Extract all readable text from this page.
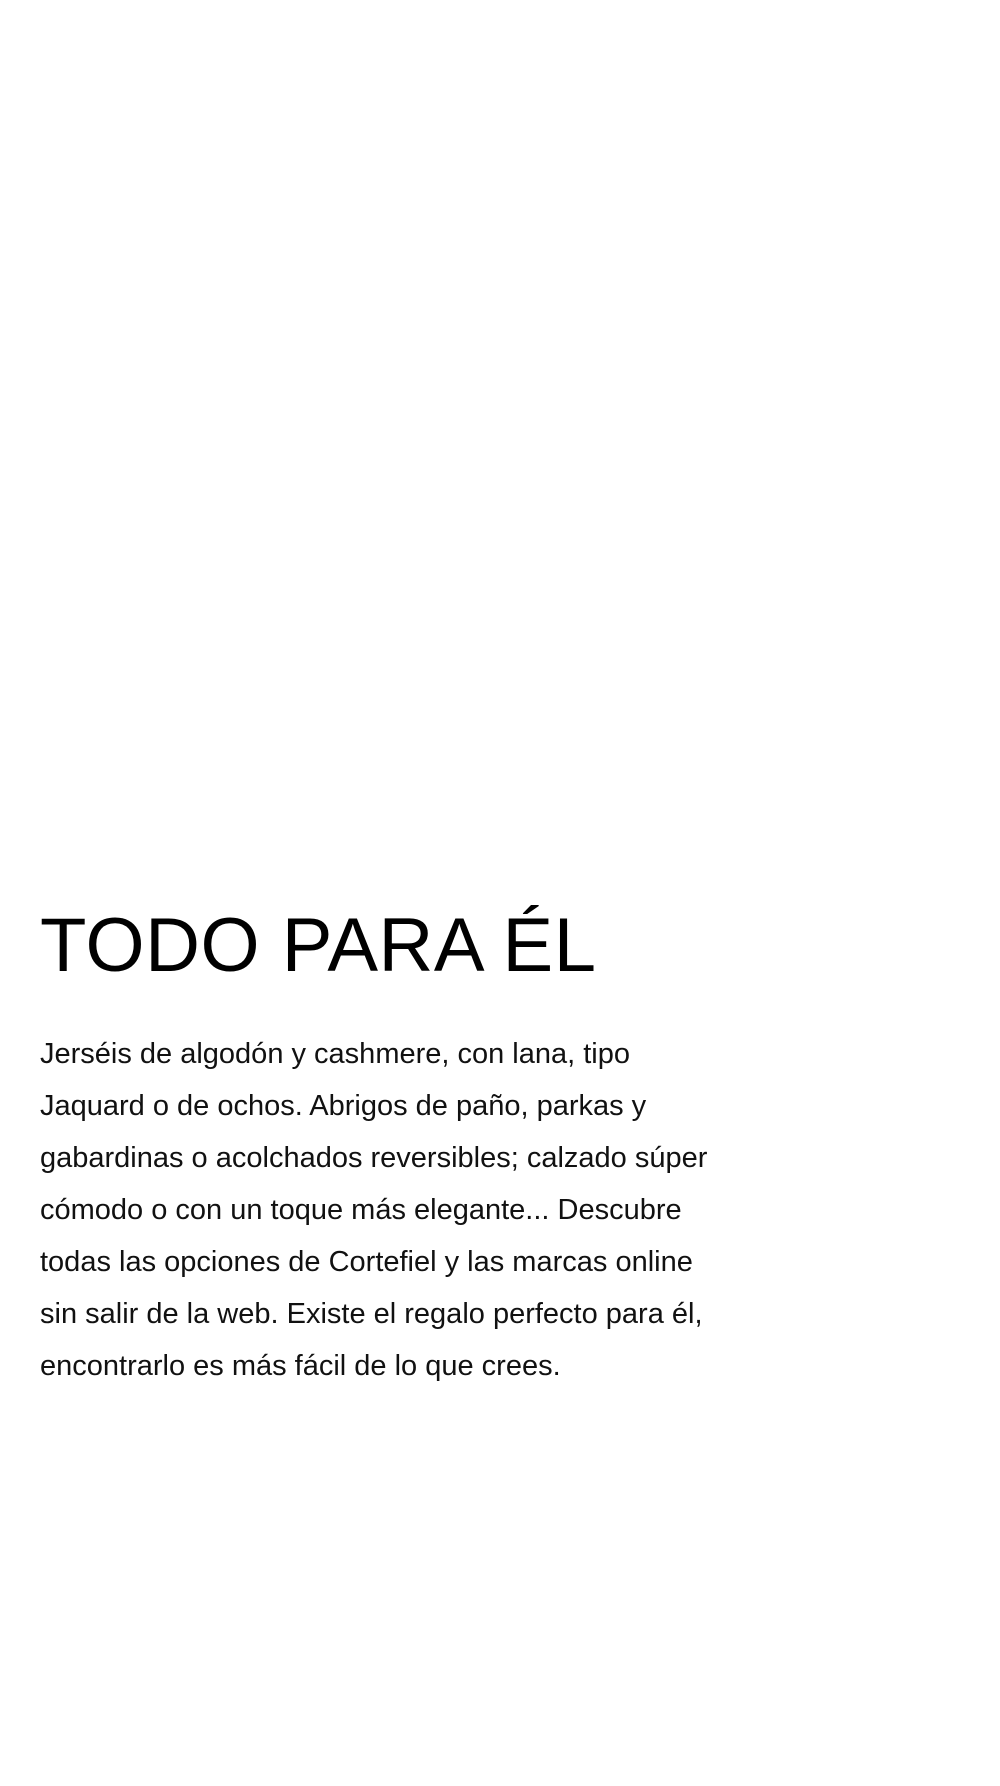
TODO PARA ÉL

Jerséis de algodón y cashmere, con lana, tipo Jaquard o de ochos. Abrigos de paño, parkas y gabardinas o acolchados reversibles; calzado súper cómodo o con un toque más elegante... Descubre todas las opciones de Cortefiel y las marcas online sin salir de la web. Existe el regalo perfecto para él, encontrarlo es más fácil de lo que crees.
